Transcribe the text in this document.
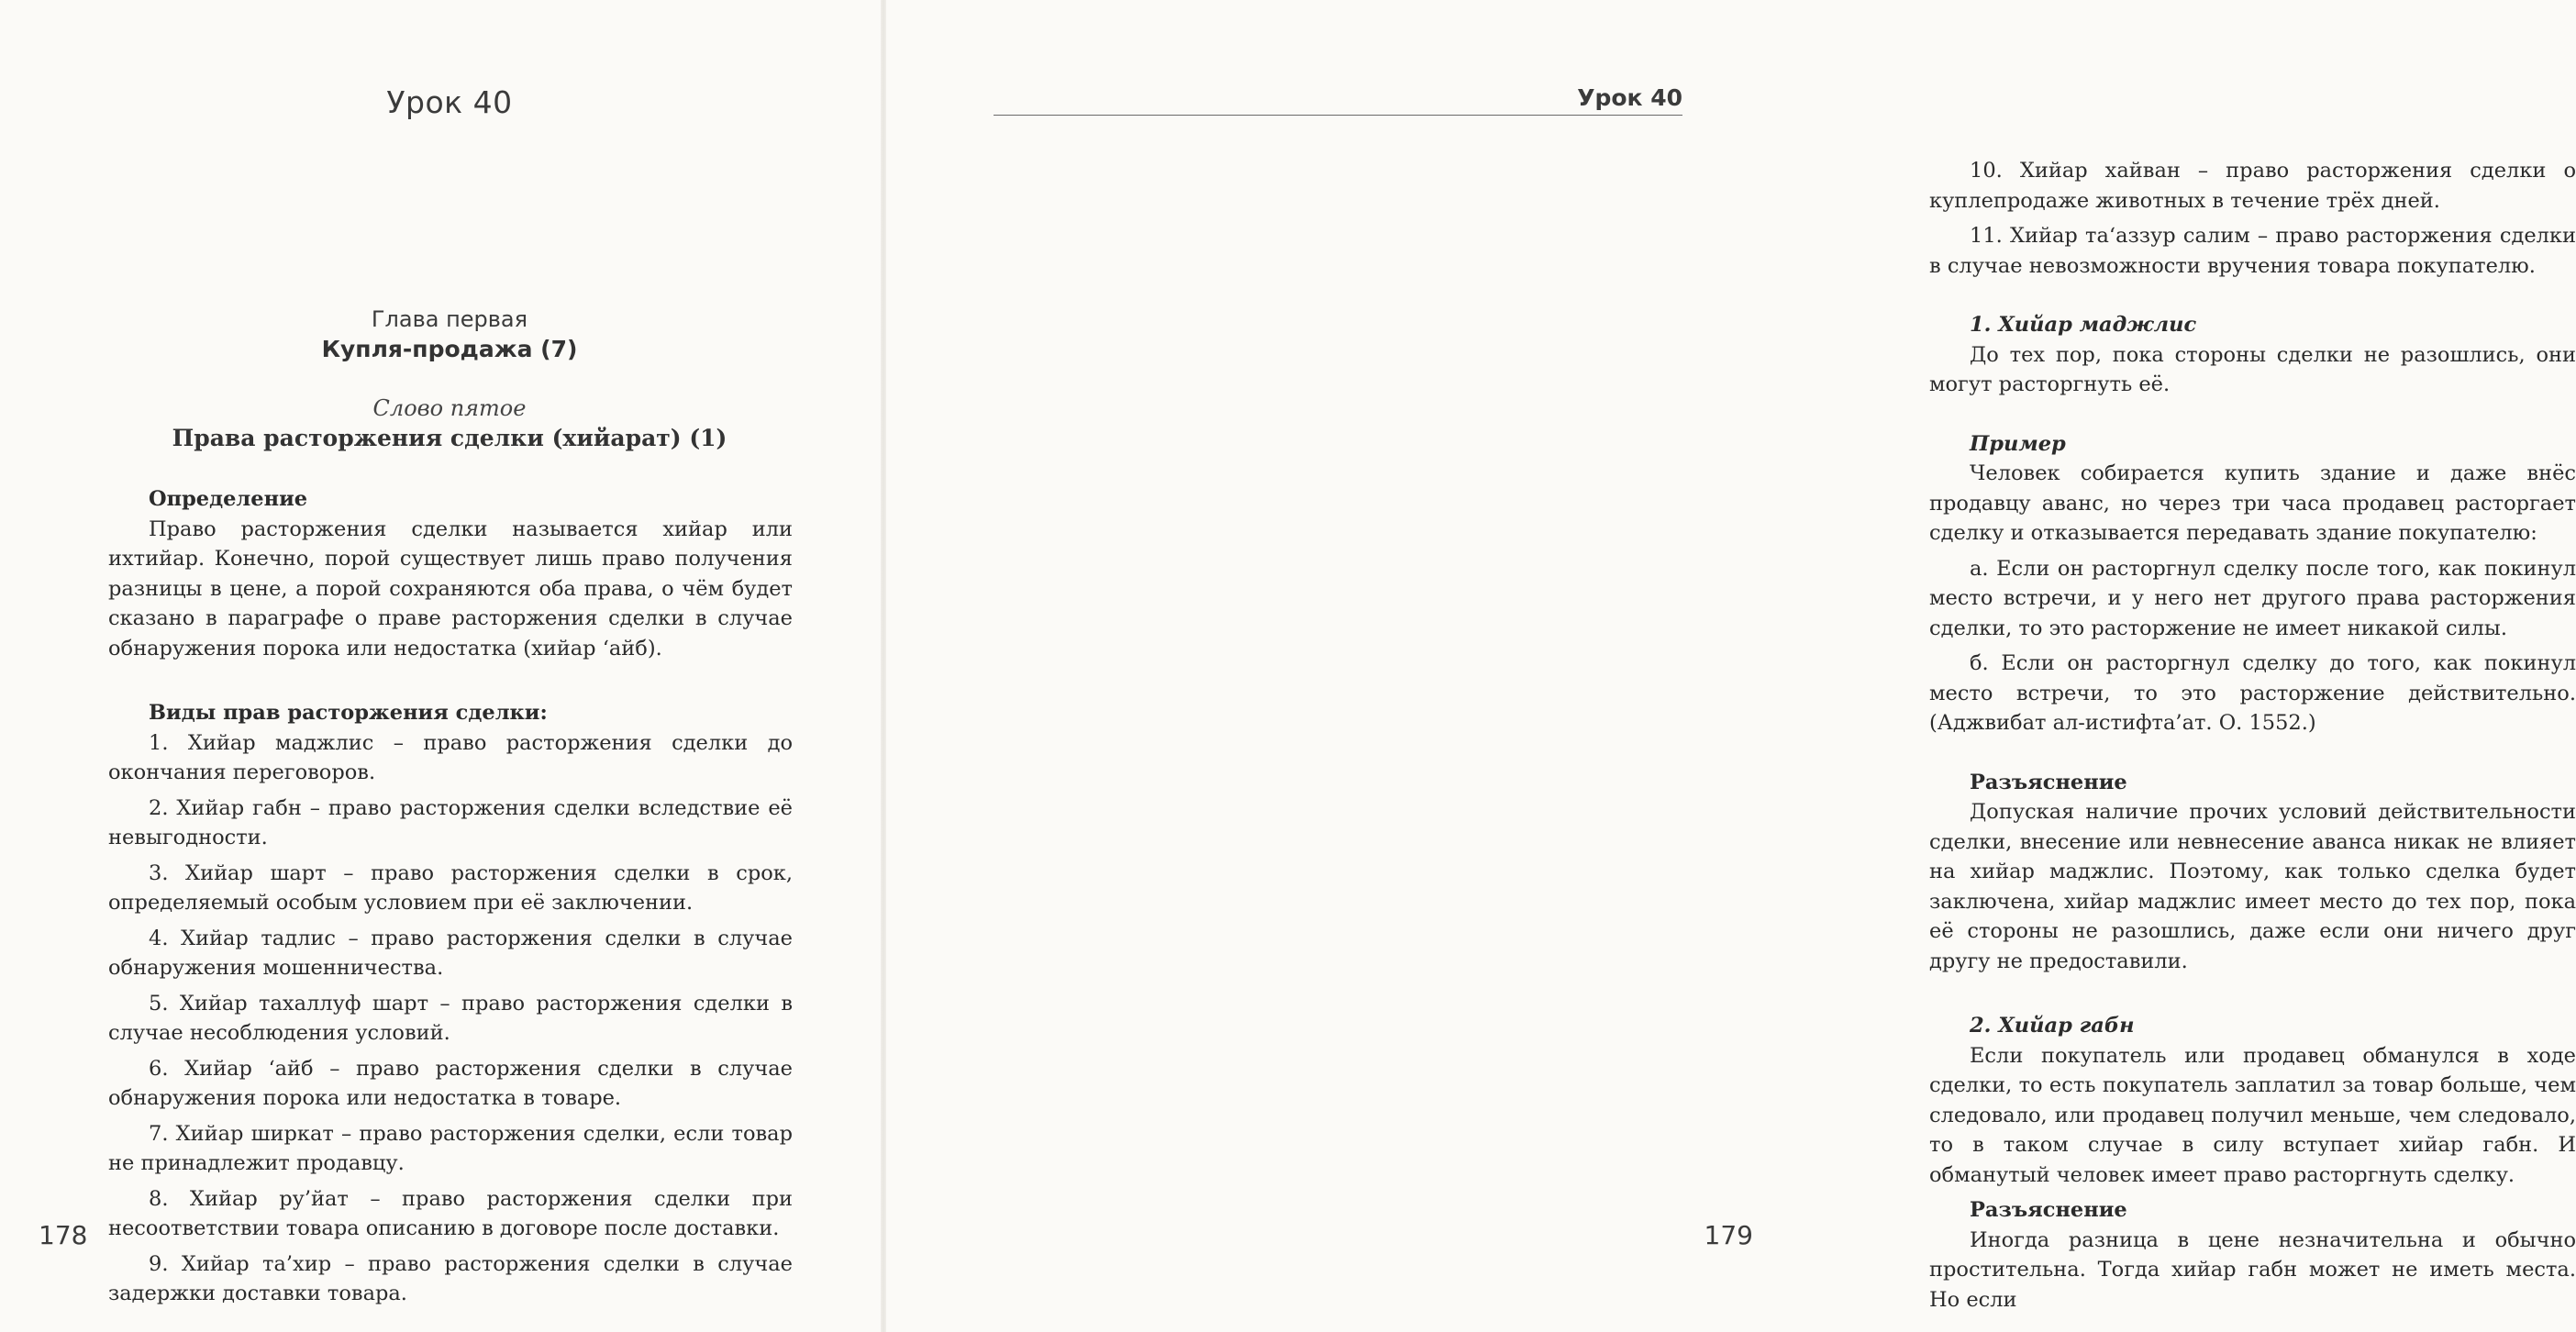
Урок 40
Глава первая
Купля-продажа (7)
Слово пятое
Права расторжения сделки (хийарат) (1)

Определение

Право расторжения сделки называется хийар или ихтийар. Конечно, порой существует лишь право получения разницы в цене, а порой сохраняются оба права, о чём будет сказано в параграфе о праве расторжения сделки в случае обнаружения порока или недостатка (хийар ʻайб).

Виды прав расторжения сделки:

1. Хийар маджлис – право расторжения сделки до окончания переговоров.

2. Хийар габн – право расторжения сделки вследствие её невыгодности.

3. Хийар шарт – право расторжения сделки в срок, определяемый особым условием при её заключении.

4. Хийар тадлис – право расторжения сделки в случае обнаружения мошенничества.

5. Хийар тахаллуф шарт – право расторжения сделки в случае несоблюдения условий.

6. Хийар ʻайб – право расторжения сделки в случае обнаружения порока или недостатка в товаре.

7. Хийар ширкат – право расторжения сделки, если товар не принадлежит продавцу.

8. Хийар ру’йат – право расторжения сделки при несоответствии товара описанию в договоре после доставки.

9. Хийар та’хир – право расторжения сделки в случае задержки доставки товара.

178
Урок 40

10. Хийар хайван – право расторжения сделки о куплепродаже животных в течение трёх дней.

11. Хийар та‘аззур салим – право расторжения сделки в случае невозможности вручения товара покупателю.

1. Хийар маджлис

До тех пор, пока стороны сделки не разошлись, они могут расторгнуть её.

Пример

Человек собирается купить здание и даже внёс продавцу аванс, но через три часа продавец расторгает сделку и отказывается передавать здание покупателю:

а. Если он расторгнул сделку после того, как покинул место встречи, и у него нет другого права расторжения сделки, то это расторжение не имеет никакой силы.

б. Если он расторгнул сделку до того, как покинул место встречи, то это расторжение действительно. (Аджвибат ал-истифта’ат. О. 1552.)

Разъяснение

Допуская наличие прочих условий действительности сделки, внесение или невнесение аванса никак не влияет на хийар маджлис. Поэтому, как только сделка будет заключена, хийар маджлис имеет место до тех пор, пока её стороны не разошлись, даже если они ничего друг другу не предоставили.

2. Хийар габн

Если покупатель или продавец обманулся в ходе сделки, то есть покупатель заплатил за товар больше, чем следовало, или продавец получил меньше, чем следовало, то в таком случае в силу вступает хийар габн. И обманутый человек имеет право расторгнуть сделку.

Разъяснение

Иногда разница в цене незначительна и обычно простительна. Тогда хийар габн может не иметь места. Но если

179
